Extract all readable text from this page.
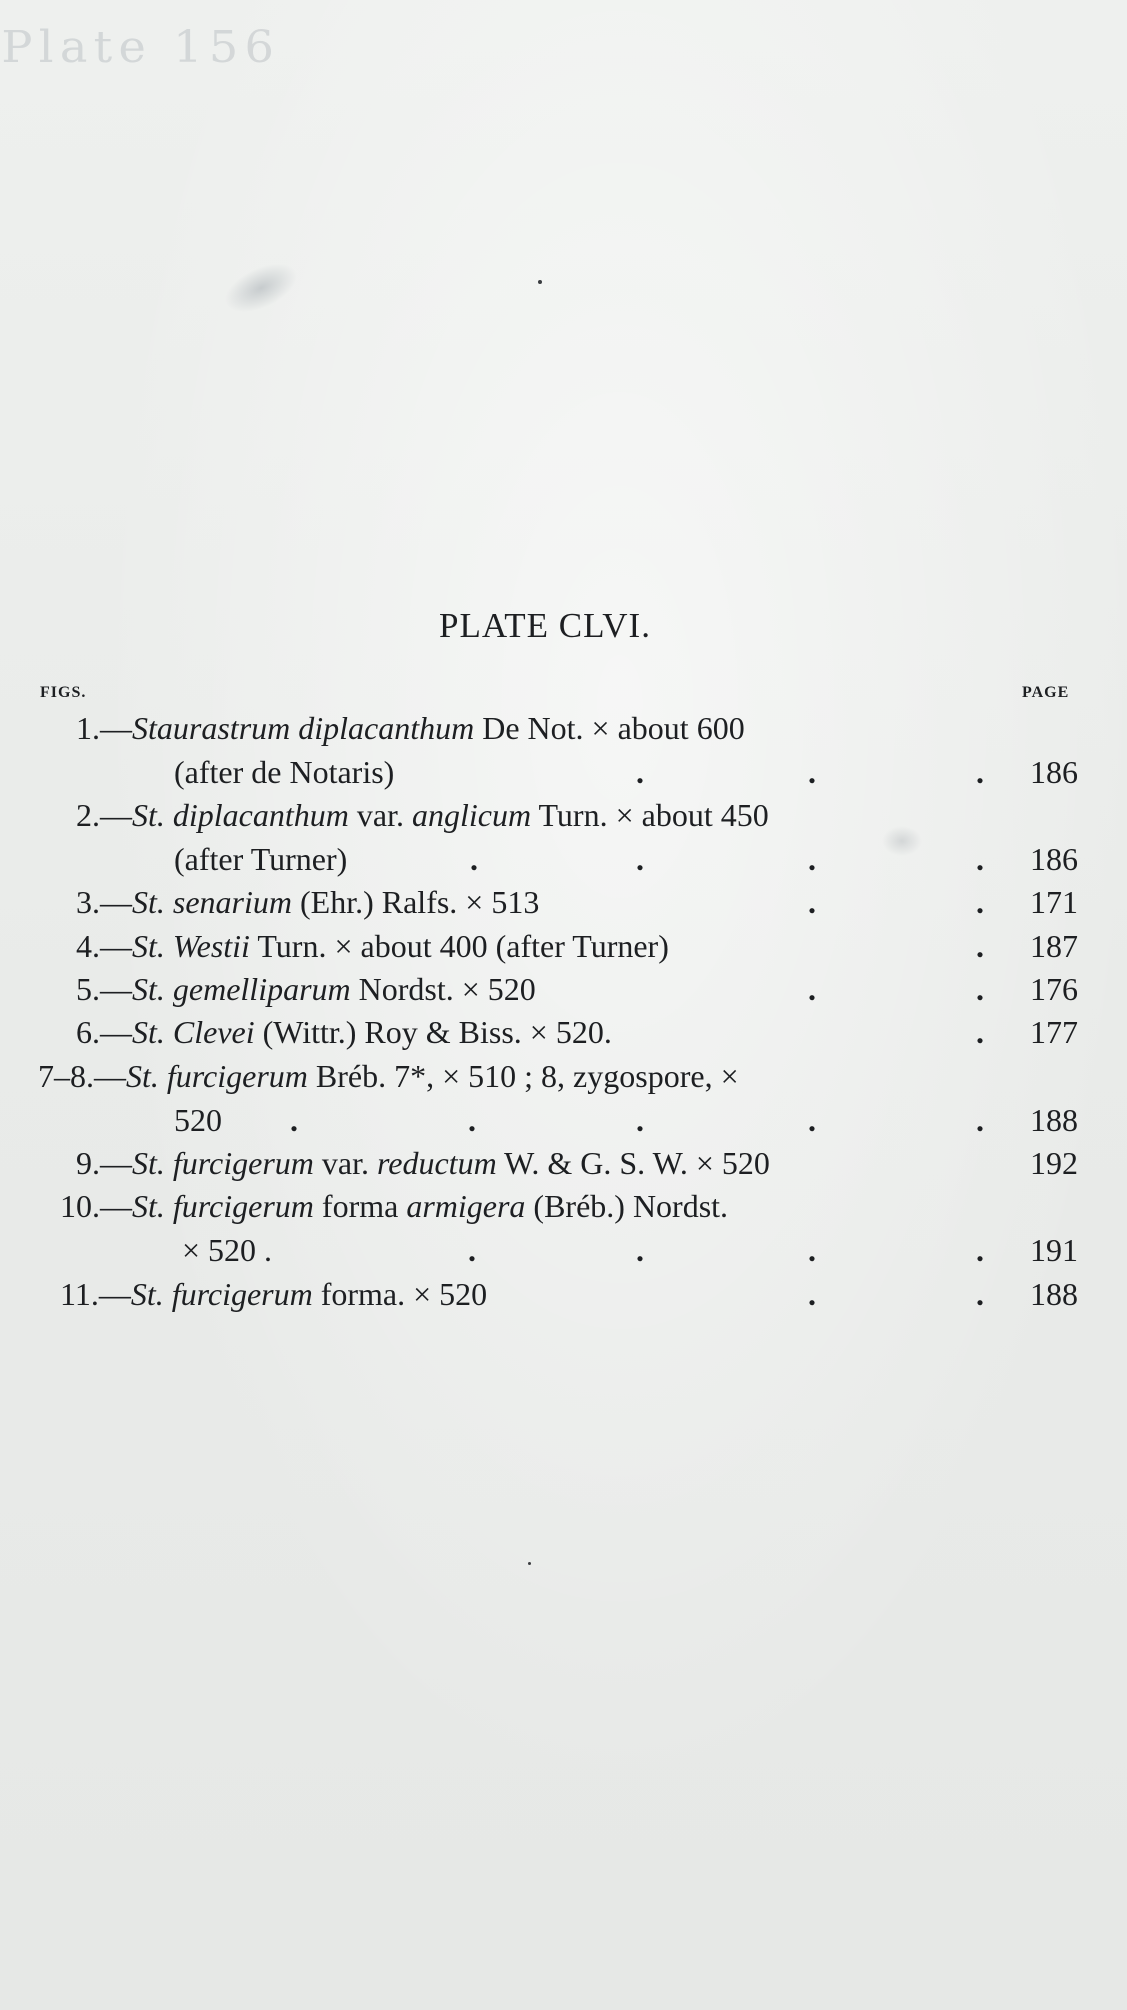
Plate 156
PLATE CLVI.
FIGS.	PAGE
1.—Staurastrum diplacanthum De Not. × about 600
(after de Notaris)	.	.	. 186
2.—St. diplacanthum var. anglicum Turn. × about 450
(after Turner)	.	.	.	. 186
3.—St. senarium (Ehr.) Ralfs. × 513	.	. 171
4.—St. Westii Turn. × about 400 (after Turner)	. 187
5.—St. gemelliparum Nordst. × 520	.	. 176
6.—St. Clevei (Wittr.) Roy & Biss. × 520.	. 177
7–8.—St. furcigerum Bréb. 7*, × 510 ; 8, zygospore, ×
520 .	.	.	.	. 188
9.—St. furcigerum var. reductum W. & G. S. W. × 520	192
10.—St. furcigerum forma armigera (Bréb.) Nordst.
× 520 .	.	.	.	. 191
11.—St. furcigerum forma. × 520	.	. 188
